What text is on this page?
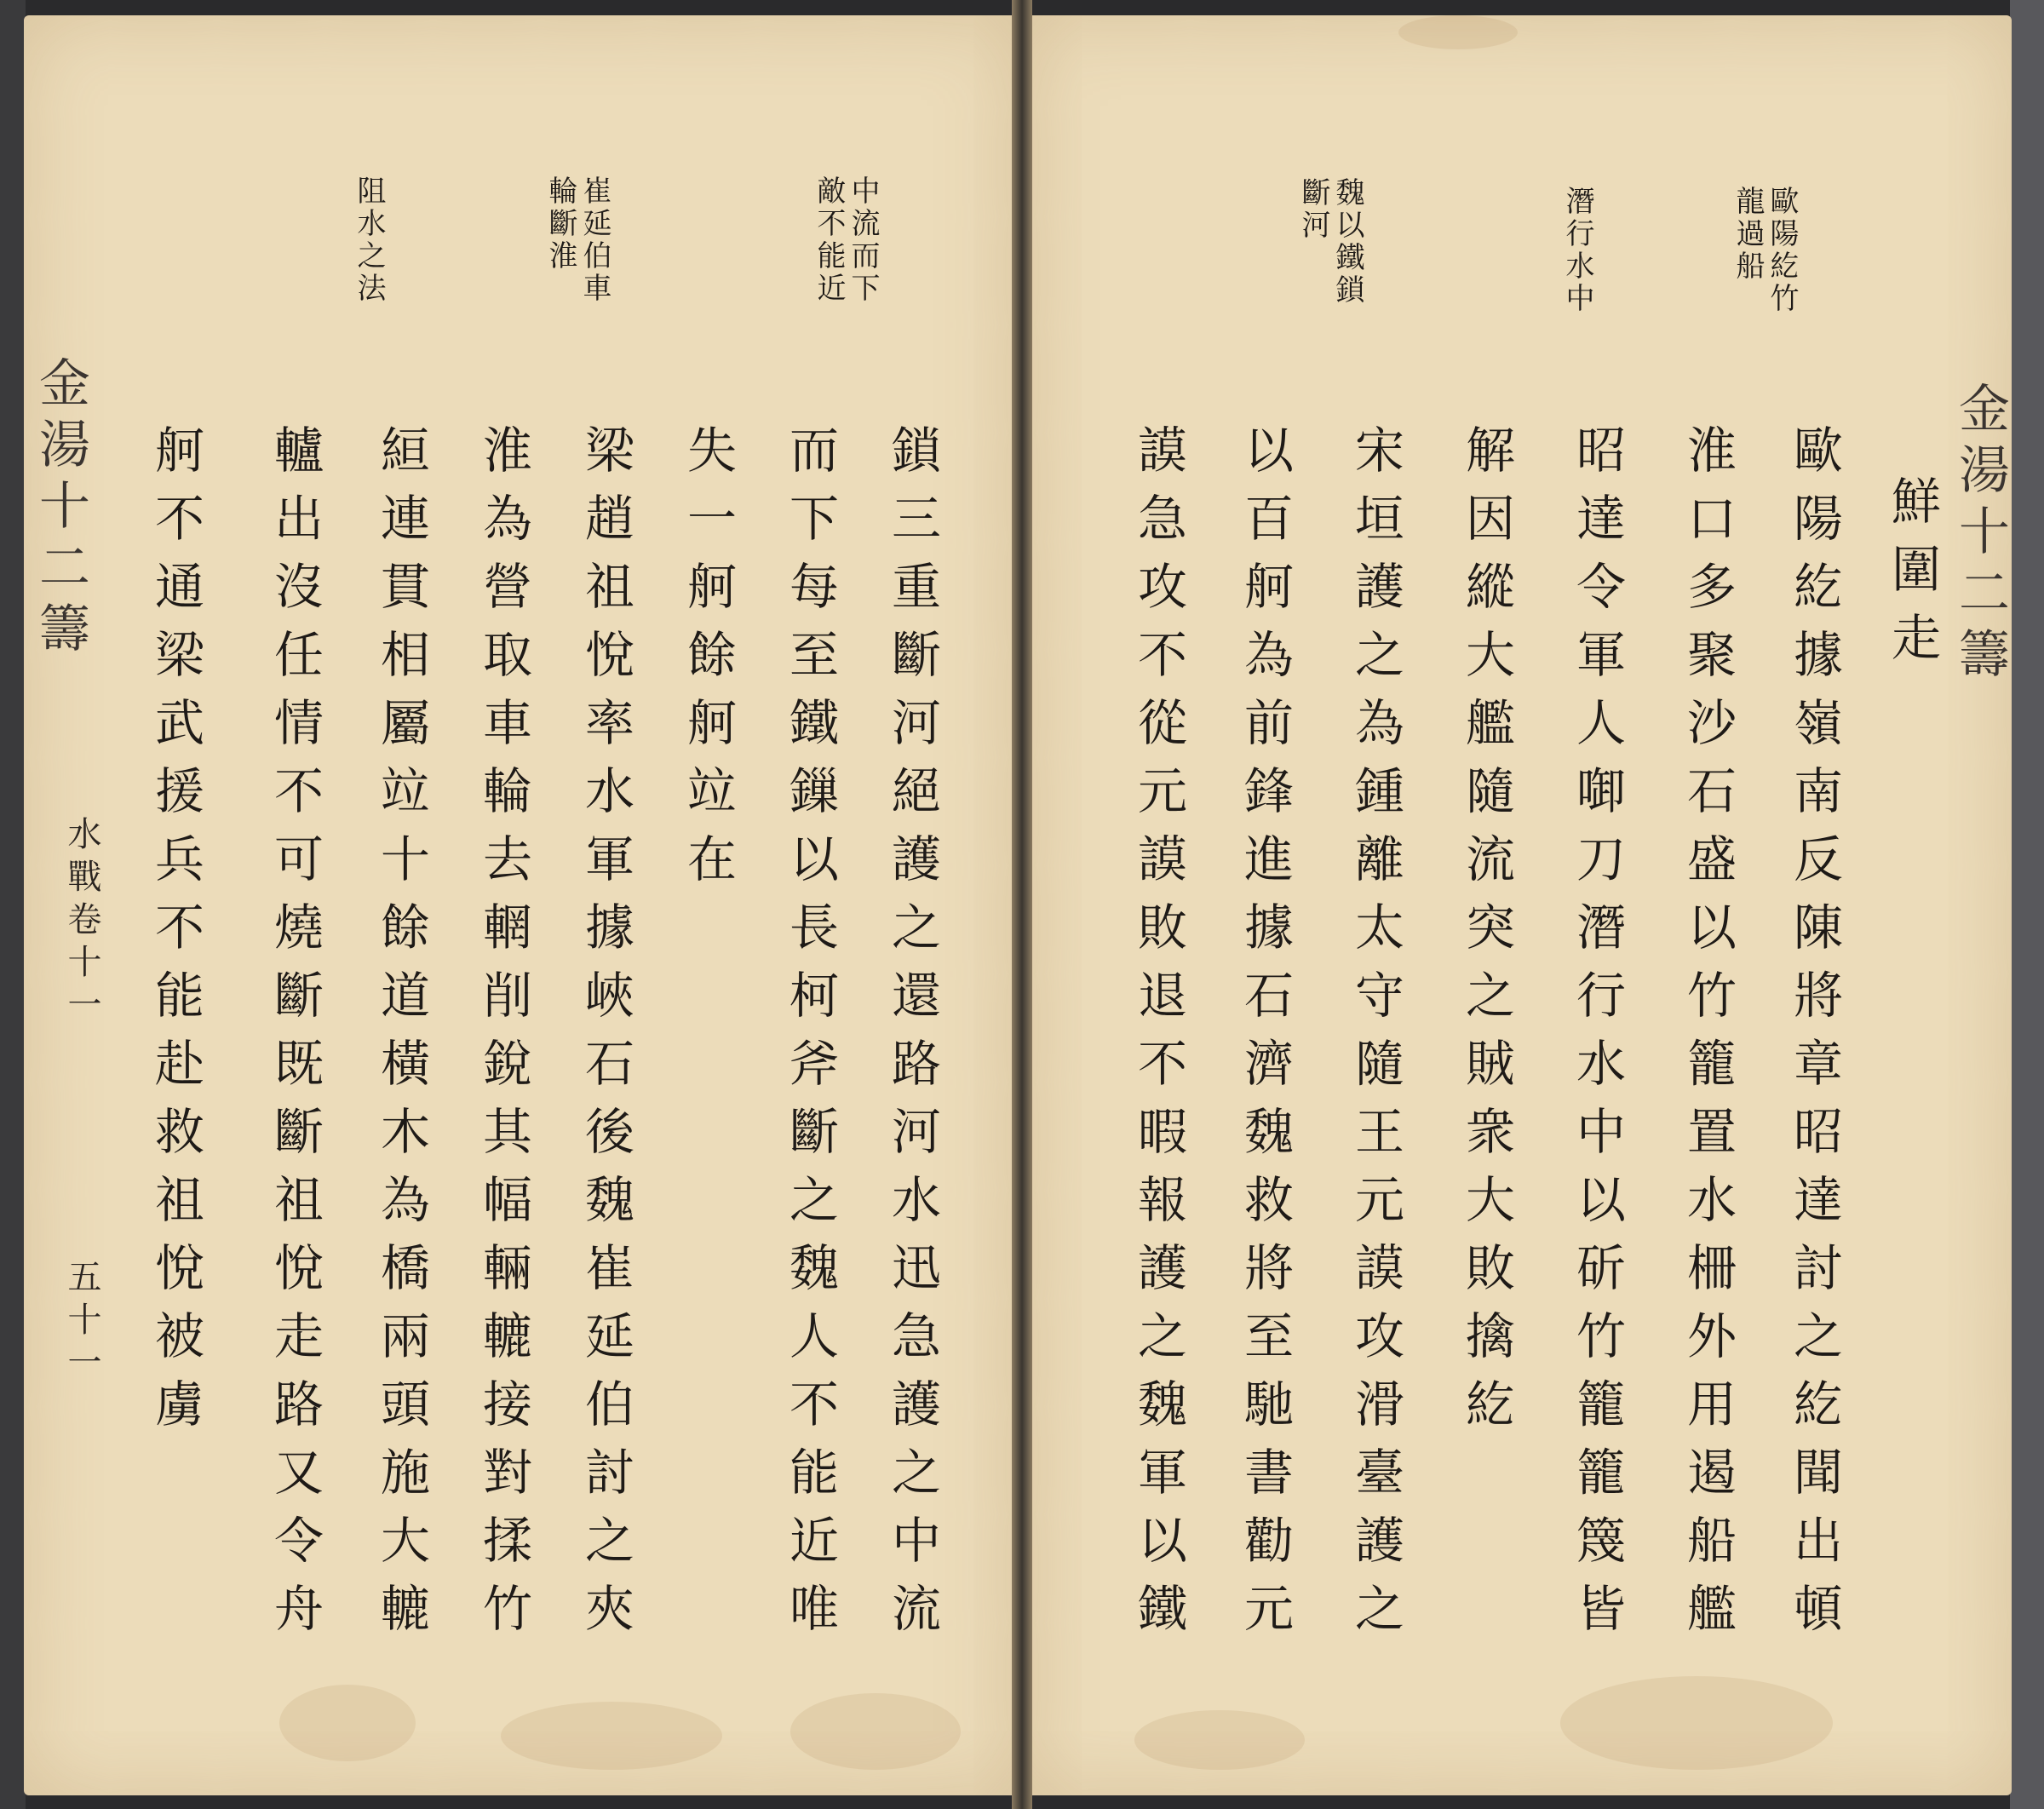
金湯十二籌
水戰卷十一
五十一
中流而下
敵不能近
崔延伯車
輪斷淮
阻水之法
鎖三重斷河絕護之還路河水迅急護之中流
而下每至鐵鏁以長柯斧斷之魏人不能近唯
失一舸餘舸竝在
梁趙祖悅率水軍據峽石後魏崔延伯討之夾
淮為營取車輪去輞削銳其幅輛轆接對揉竹
絙連貫相屬竝十餘道橫木為橋兩頭施大轆
轤出沒任情不可燒斷既斷祖悅走路又令舟
舸不通梁武援兵不能赴救祖悅被虜	金湯十二籌
歐陽紇竹
龍過船
潛行水中
魏以鐵鎖
斷河
鮮圍走
歐陽紇據嶺南反陳將章昭達討之紇聞出頓
淮口多聚沙石盛以竹籠置水柵外用遏船艦
昭達令軍人啣刀潛行水中以斫竹籠籠篾皆
解因縱大艦隨流突之賊衆大敗擒紇
宋垣護之為鍾離太守隨王元謨攻滑臺護之
以百舸為前鋒進據石濟魏救將至馳書勸元
謨急攻不從元謨敗退不暇報護之魏軍以鐵
